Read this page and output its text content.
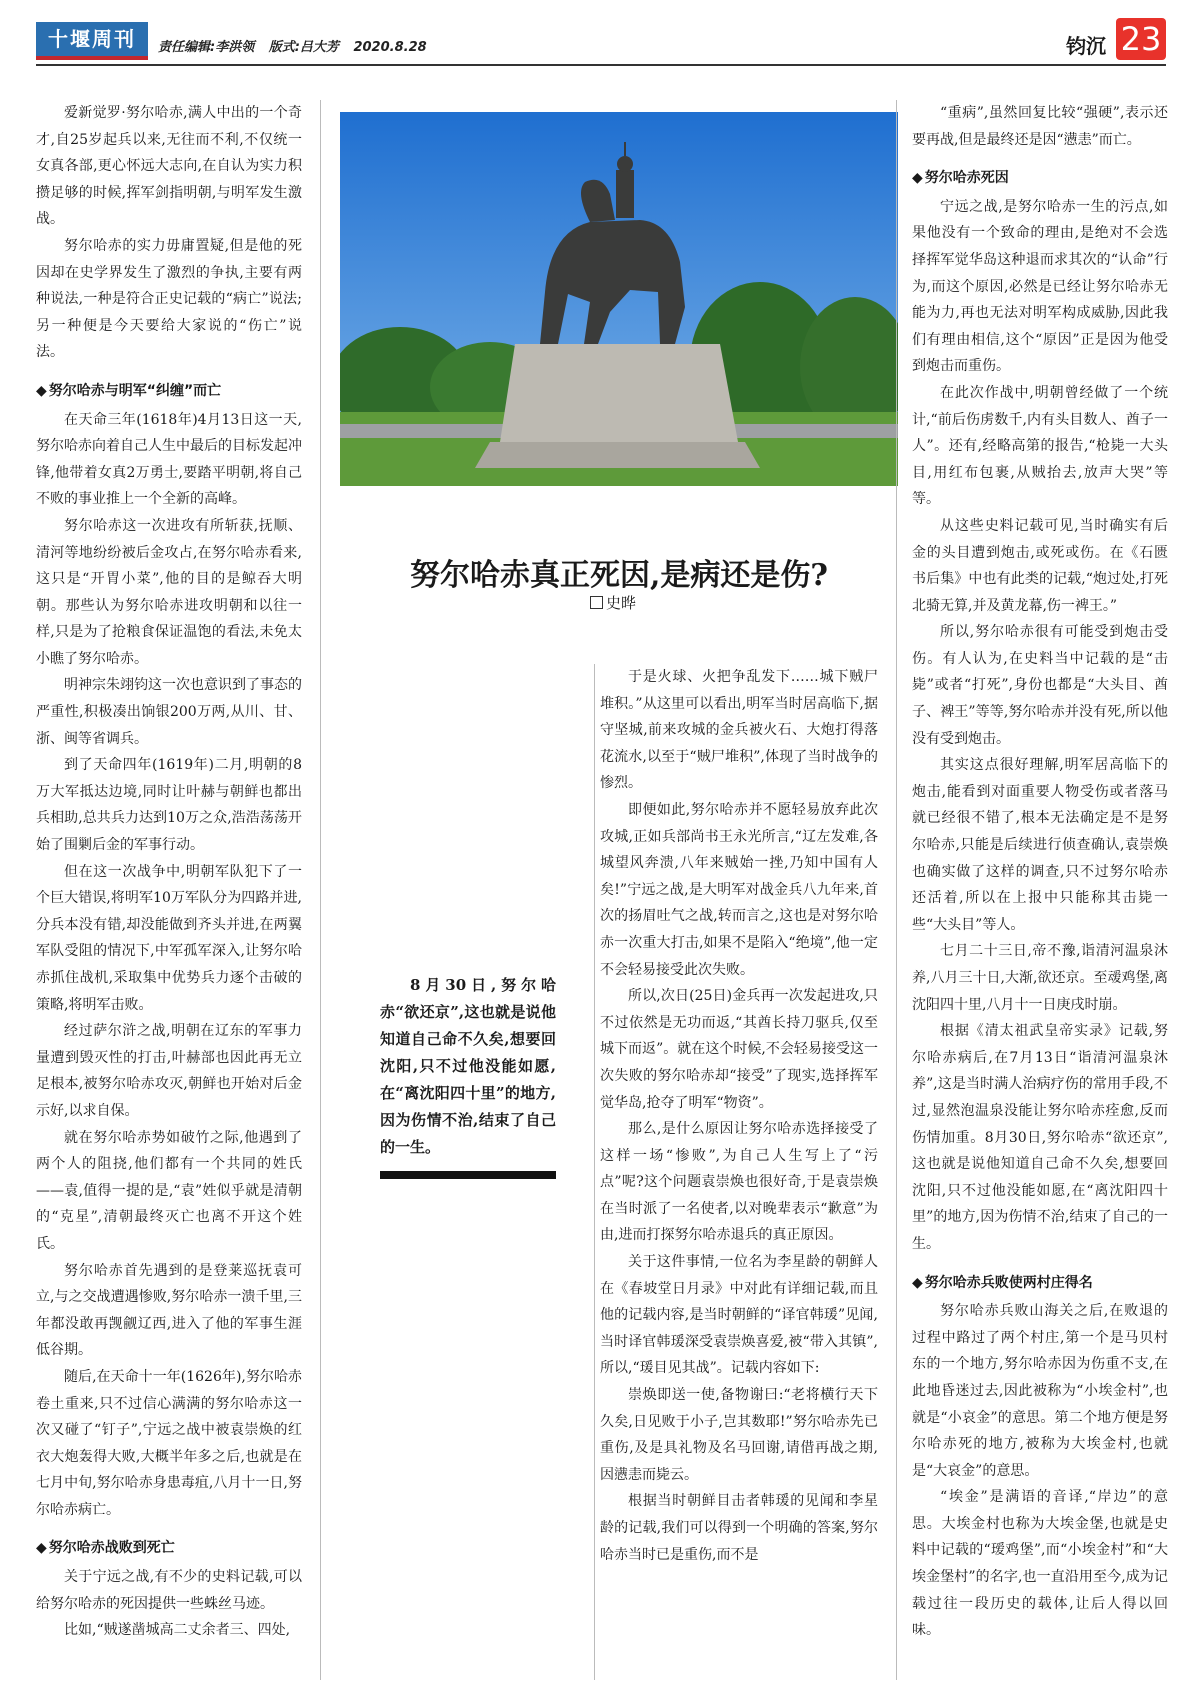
十堰周刊	责任编辑:李洪领 版式:吕大芳 2020.8.28	钧沉 23

爱新觉罗·努尔哈赤,满人中出的一个奇才,自25岁起兵以来,无往而不利,不仅统一女真各部,更心怀远大志向,在自认为实力积攒足够的时候,挥军剑指明朝,与明军发生激战。

努尔哈赤的实力毋庸置疑,但是他的死因却在史学界发生了激烈的争执,主要有两种说法,一种是符合正史记载的“病亡”说法;另一种便是今天要给大家说的“伤亡”说法。

◆ 努尔哈赤与明军“纠缠”而亡

在天命三年(1618年)4月13日这一天,努尔哈赤向着自己人生中最后的目标发起冲锋,他带着女真2万勇士,要踏平明朝,将自己不败的事业推上一个全新的高峰。

努尔哈赤这一次进攻有所斩获,抚顺、清河等地纷纷被后金攻占,在努尔哈赤看来,这只是“开胃小菜”,他的目的是鲸吞大明朝。那些认为努尔哈赤进攻明朝和以往一样,只是为了抢粮食保证温饱的看法,未免太小瞧了努尔哈赤。

明神宗朱翊钧这一次也意识到了事态的严重性,积极凑出饷银200万两,从川、甘、浙、闽等省调兵。

到了天命四年(1619年)二月,明朝的8万大军抵达边境,同时让叶赫与朝鲜也都出兵相助,总共兵力达到10万之众,浩浩荡荡开始了围剿后金的军事行动。

但在这一次战争中,明朝军队犯下了一个巨大错误,将明军10万军队分为四路并进,分兵本没有错,却没能做到齐头并进,在两翼军队受阻的情况下,中军孤军深入,让努尔哈赤抓住战机,采取集中优势兵力逐个击破的策略,将明军击败。

经过萨尔浒之战,明朝在辽东的军事力量遭到毁灭性的打击,叶赫部也因此再无立足根本,被努尔哈赤攻灭,朝鲜也开始对后金示好,以求自保。

就在努尔哈赤势如破竹之际,他遇到了两个人的阻挠,他们都有一个共同的姓氏——袁,值得一提的是,“袁”姓似乎就是清朝的“克星”,清朝最终灭亡也离不开这个姓氏。

努尔哈赤首先遇到的是登莱巡抚袁可立,与之交战遭遇惨败,努尔哈赤一溃千里,三年都没敢再觊觎辽西,进入了他的军事生涯低谷期。

随后,在天命十一年(1626年),努尔哈赤卷土重来,只不过信心满满的努尔哈赤这一次又碰了“钉子”,宁远之战中被袁崇焕的红衣大炮轰得大败,大概半年多之后,也就是在七月中旬,努尔哈赤身患毒疽,八月十一日,努尔哈赤病亡。

◆ 努尔哈赤战败到死亡

关于宁远之战,有不少的史料记载,可以给努尔哈赤的死因提供一些蛛丝马迹。

比如,“贼遂凿城高二丈余者三、四处,

努尔哈赤真正死因,是病还是伤?
史晔

8月30日,努尔哈赤“欲还京”,这也就是说他知道自己命不久矣,想要回沈阳,只不过他没能如愿,在“离沈阳四十里”的地方,因为伤情不治,结束了自己的一生。

于是火球、火把争乱发下……城下贼尸堆积。”从这里可以看出,明军当时居高临下,据守坚城,前来攻城的金兵被火石、大炮打得落花流水,以至于“贼尸堆积”,体现了当时战争的惨烈。

即便如此,努尔哈赤并不愿轻易放弃此次攻城,正如兵部尚书王永光所言,“辽左发难,各城望风奔溃,八年来贼始一挫,乃知中国有人矣!”宁远之战,是大明军对战金兵八九年来,首次的扬眉吐气之战,转而言之,这也是对努尔哈赤一次重大打击,如果不是陷入“绝境”,他一定不会轻易接受此次失败。

所以,次日(25日)金兵再一次发起进攻,只不过依然是无功而返,“其酋长持刀驱兵,仅至城下而返”。就在这个时候,不会轻易接受这一次失败的努尔哈赤却“接受”了现实,选择挥军觉华岛,抢夺了明军“物资”。

那么,是什么原因让努尔哈赤选择接受了这样一场“惨败”,为自己人生写上了“污点”呢?这个问题袁崇焕也很好奇,于是袁崇焕在当时派了一名使者,以对晚辈表示“歉意”为由,进而打探努尔哈赤退兵的真正原因。

关于这件事情,一位名为李星龄的朝鲜人在《春坡堂日月录》中对此有详细记载,而且他的记载内容,是当时朝鲜的“译官韩瑗”见闻,当时译官韩瑗深受袁崇焕喜爱,被“带入其镇”,所以,“瑗目见其战”。记载内容如下:

崇焕即送一使,备物谢曰:“老将横行天下久矣,日见败于小子,岂其数耶!”努尔哈赤先已重伤,及是具礼物及名马回谢,请借再战之期,因懑恚而毙云。

根据当时朝鲜目击者韩瑗的见闻和李星龄的记载,我们可以得到一个明确的答案,努尔哈赤当时已是重伤,而不是

“重病”,虽然回复比较“强硬”,表示还要再战,但是最终还是因“懑恚”而亡。

◆ 努尔哈赤死因

宁远之战,是努尔哈赤一生的污点,如果他没有一个致命的理由,是绝对不会选择挥军觉华岛这种退而求其次的“认命”行为,而这个原因,必然是已经让努尔哈赤无能为力,再也无法对明军构成威胁,因此我们有理由相信,这个“原因”正是因为他受到炮击而重伤。

在此次作战中,明朝曾经做了一个统计,“前后伤虏数千,内有头目数人、酋子一人”。还有,经略高第的报告,“枪毙一大头目,用红布包裹,从贼抬去,放声大哭”等等。

从这些史料记载可见,当时确实有后金的头目遭到炮击,或死或伤。在《石匮书后集》中也有此类的记载,“炮过处,打死北骑无算,并及黄龙幕,伤一裨王。”

所以,努尔哈赤很有可能受到炮击受伤。有人认为,在史料当中记载的是“击毙”或者“打死”,身份也都是“大头目、酋子、裨王”等等,努尔哈赤并没有死,所以他没有受到炮击。

其实这点很好理解,明军居高临下的炮击,能看到对面重要人物受伤或者落马就已经很不错了,根本无法确定是不是努尔哈赤,只能是后续进行侦查确认,袁崇焕也确实做了这样的调查,只不过努尔哈赤还活着,所以在上报中只能称其击毙一些“大头目”等人。

七月二十三日,帝不豫,诣清河温泉沐养,八月三十日,大渐,欲还京。至叆鸡堡,离沈阳四十里,八月十一日庚戌时崩。

根据《清太祖武皇帝实录》记载,努尔哈赤病后,在7月13日“诣清河温泉沐养”,这是当时满人治病疗伤的常用手段,不过,显然泡温泉没能让努尔哈赤痊愈,反而伤情加重。8月30日,努尔哈赤“欲还京”,这也就是说他知道自己命不久矣,想要回沈阳,只不过他没能如愿,在“离沈阳四十里”的地方,因为伤情不治,结束了自己的一生。

◆ 努尔哈赤兵败使两村庄得名

努尔哈赤兵败山海关之后,在败退的过程中路过了两个村庄,第一个是马贝村东的一个地方,努尔哈赤因为伤重不支,在此地昏迷过去,因此被称为“小埃金村”,也就是“小哀金”的意思。第二个地方便是努尔哈赤死的地方,被称为大埃金村,也就是“大哀金”的意思。

“埃金”是满语的音译,“岸边”的意思。大埃金村也称为大埃金堡,也就是史料中记载的“瑷鸡堡”,而“小埃金村”和“大埃金堡村”的名字,也一直沿用至今,成为记载过往一段历史的载体,让后人得以回味。
